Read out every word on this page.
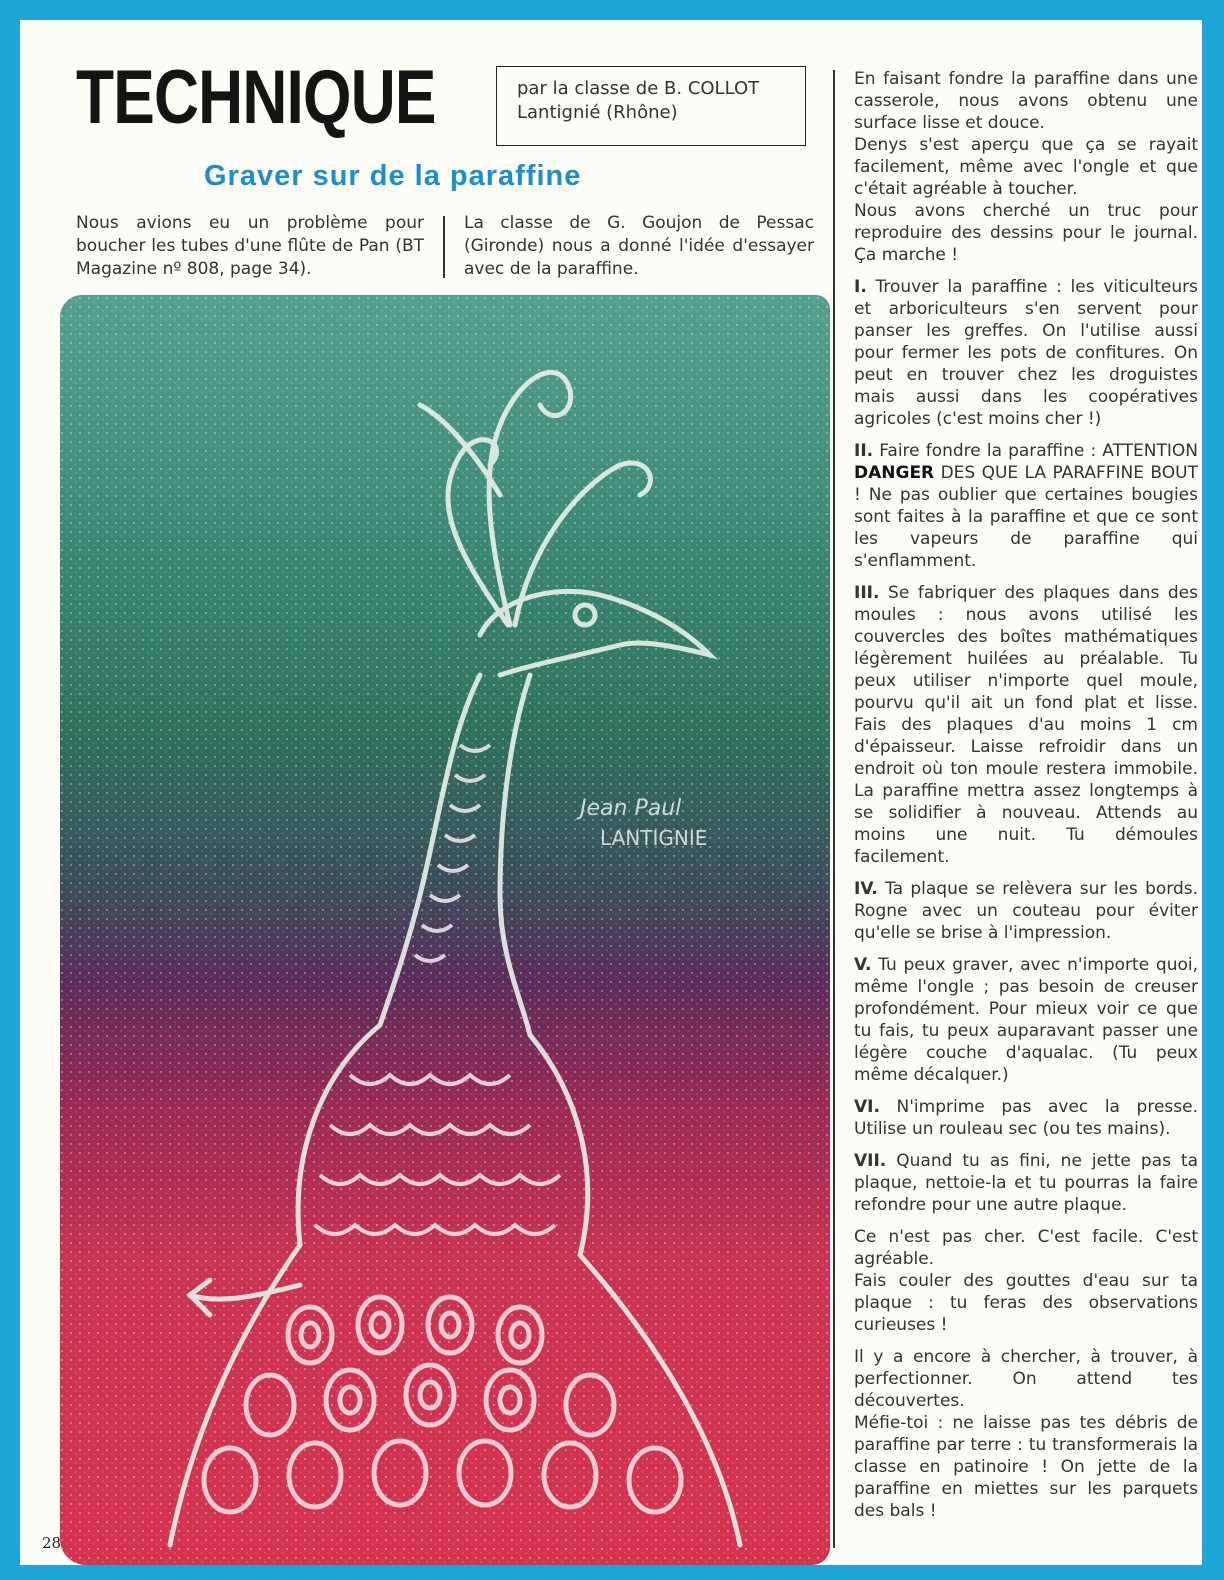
TECHNIQUE	par la classe de B. COLLOT
Lantignié (Rhône)
Graver sur de la paraffine
Nous avions eu un problème pour boucher les tubes d'une flûte de Pan (BT Magazine nº 808, page 34).
La classe de G. Goujon de Pessac (Gironde) nous a donné l'idée d'essayer avec de la paraffine.
Jean Paul
LANTIGNIE

En faisant fondre la paraffine dans une casserole, nous avons obtenu une surface lisse et douce.

Denys s'est aperçu que ça se rayait facilement, même avec l'ongle et que c'était agréable à toucher.

Nous avons cherché un truc pour reproduire des dessins pour le journal. Ça marche !

I. Trouver la paraffine : les viticulteurs et arboriculteurs s'en servent pour panser les greffes. On l'utilise aussi pour fermer les pots de confitures. On peut en trouver chez les droguistes mais aussi dans les coopératives agricoles (c'est moins cher !)

II. Faire fondre la paraffine : ATTENTION DANGER DES QUE LA PARAFFINE BOUT ! Ne pas oublier que certaines bougies sont faites à la paraffine et que ce sont les vapeurs de paraffine qui s'enflamment.

III. Se fabriquer des plaques dans des moules : nous avons utilisé les couvercles des boîtes mathématiques légèrement huilées au préalable. Tu peux utiliser n'importe quel moule, pourvu qu'il ait un fond plat et lisse. Fais des plaques d'au moins 1 cm d'épaisseur. Laisse refroidir dans un endroit où ton moule restera immobile. La paraffine mettra assez longtemps à se solidifier à nouveau. Attends au moins une nuit. Tu démoules facilement.

IV. Ta plaque se relèvera sur les bords. Rogne avec un couteau pour éviter qu'elle se brise à l'impression.

V. Tu peux graver, avec n'importe quoi, même l'ongle ; pas besoin de creuser profondément. Pour mieux voir ce que tu fais, tu peux auparavant passer une légère couche d'aqualac. (Tu peux même décalquer.)

VI. N'imprime pas avec la presse. Utilise un rouleau sec (ou tes mains).

VII. Quand tu as fini, ne jette pas ta plaque, nettoie-la et tu pourras la faire refondre pour une autre plaque.

Ce n'est pas cher. C'est facile. C'est agréable.

Fais couler des gouttes d'eau sur ta plaque : tu feras des observations curieuses !

Il y a encore à chercher, à trouver, à perfectionner. On attend tes découvertes.

Méfie-toi : ne laisse pas tes débris de paraffine par terre : tu transformerais la classe en patinoire ! On jette de la paraffine en miettes sur les parquets des bals !

28
